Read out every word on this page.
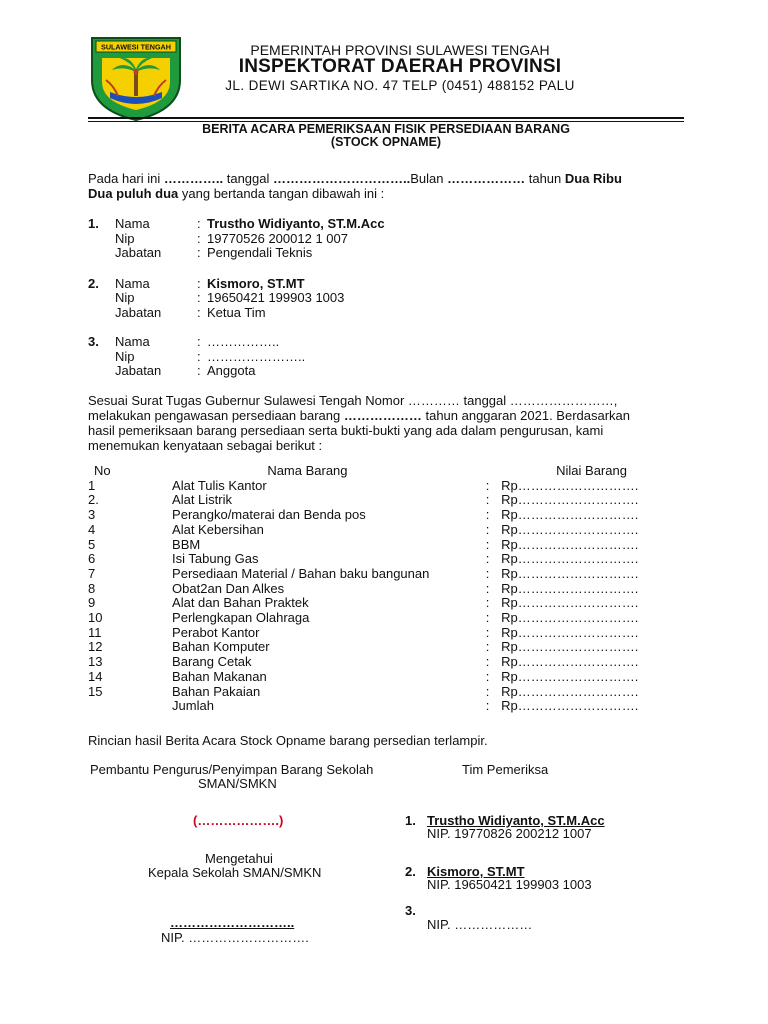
SULAWESI TENGAH	PEMERINTAH PROVINSI SULAWESI TENGAH
INSPEKTORAT DAERAH PROVINSI
JL. DEWI SARTIKA NO. 47 TELP (0451) 488152 PALU
BERITA ACARA PEMERIKSAAN FISIK PERSEDIAAN BARANG
(STOCK OPNAME)
Pada hari ini ………….. tanggal …………………………..Bulan ……………… tahun Dua Ribu
Dua puluh dua yang bertanda tangan dibawah ini :
1. Nama	: Trustho Widiyanto, ST.M.Acc
Nip	: 19770526 200012 1 007
Jabatan	: Pengendali Teknis
2. Nama	: Kismoro, ST.MT
Nip	: 19650421 199903 1003
Jabatan	: Ketua Tim
3. Nama	: ……………..
Nip	: …………………..
Jabatan	: Anggota
Sesuai Surat Tugas Gubernur Sulawesi Tengah Nomor ………… tanggal ……………………,
melakukan pengawasan persediaan barang ……………… tahun anggaran 2021. Berdasarkan
hasil pemeriksaan barang persediaan serta bukti-bukti yang ada dalam pengurusan, kami
menemukan kenyataan sebagai berikut :
No	Nama Barang		Nilai Barang
1	Alat Tulis Kantor	:	Rp……………………….
2.	Alat Listrik	:	Rp……………………….
3	Perangko/materai dan Benda pos	:	Rp……………………….
4	Alat Kebersihan	:	Rp……………………….
5	BBM	:	Rp……………………….
6	Isi Tabung Gas	:	Rp……………………….
7	Persediaan Material / Bahan baku bangunan	:	Rp……………………….
8	Obat2an Dan Alkes	:	Rp……………………….
9	Alat dan Bahan Praktek	:	Rp……………………….
10	Perlengkapan Olahraga	:	Rp……………………….
11	Perabot Kantor	:	Rp……………………….
12	Bahan Komputer	:	Rp……………………….
13	Barang Cetak	:	Rp……………………….
14	Bahan Makanan	:	Rp……………………….
15	Bahan Pakaian	:	Rp……………………….
	Jumlah	:	Rp……………………….
Rincian hasil Berita Acara Stock Opname barang persedian terlampir.
Pembantu Pengurus/Penyimpan Barang Sekolah
SMAN/SMKN
(……………….)
Mengetahui
Kepala Sekolah SMAN/SMKN
………………………..
NIP. ……………………….
Tim Pemeriksa
1. Trustho Widiyanto, ST.M.Acc
NIP. 19770826 200212 1007
2. Kismoro, ST.MT
NIP. 19650421 199903 1003
3.
NIP. ………………
